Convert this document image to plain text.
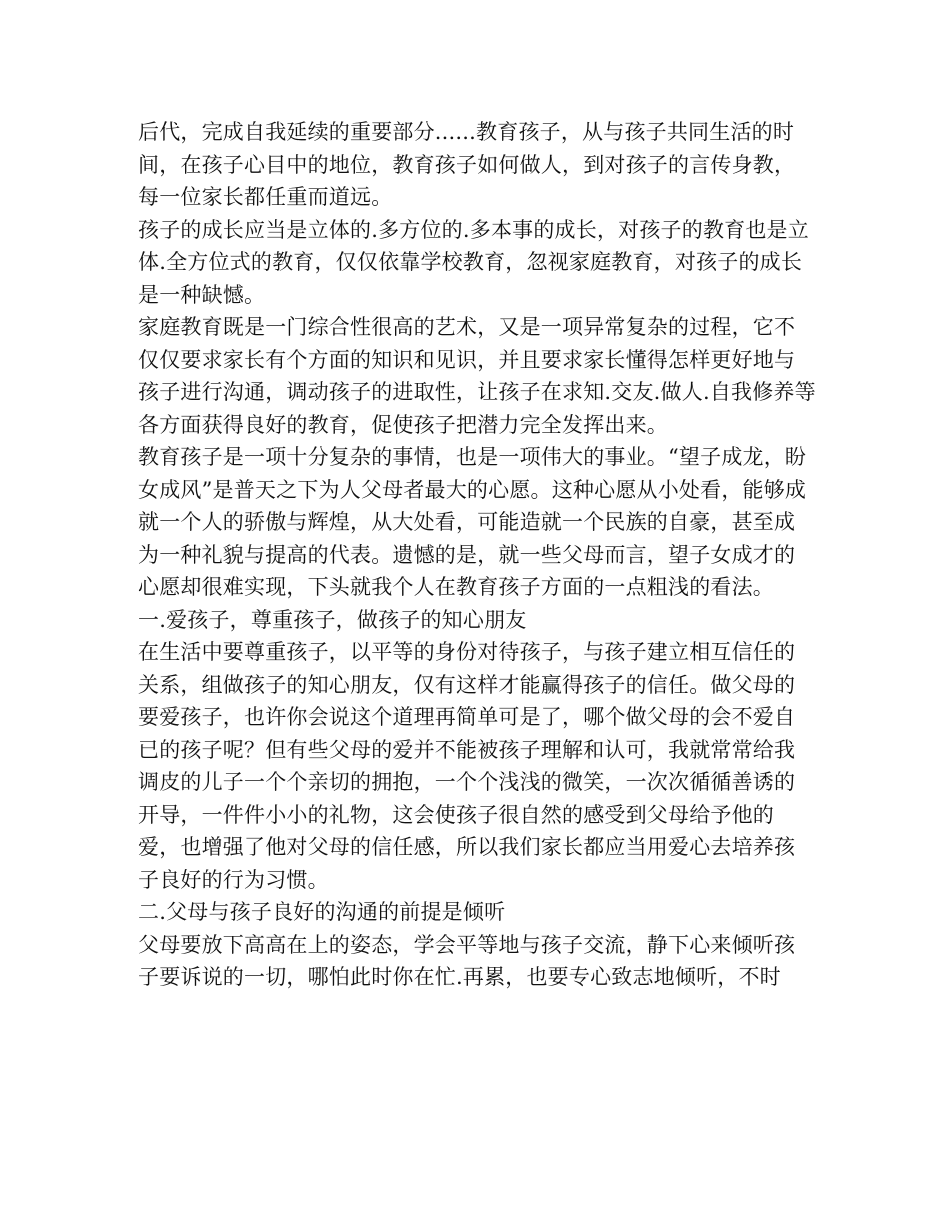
后代，完成自我延续的重要部分......教育孩子，从与孩子共同生活的时间，在孩子心目中的地位，教育孩子如何做人，到对孩子的言传身教，每一位家长都任重而道远。

孩子的成长应当是立体的.多方位的.多本事的成长，对孩子的教育也是立体.全方位式的教育，仅仅依靠学校教育，忽视家庭教育，对孩子的成长是一种缺憾。

家庭教育既是一门综合性很高的艺术，又是一项异常复杂的过程，它不仅仅要求家长有个方面的知识和见识，并且要求家长懂得怎样更好地与孩子进行沟通，调动孩子的进取性，让孩子在求知.交友.做人.自我修养等各方面获得良好的教育，促使孩子把潜力完全发挥出来。

教育孩子是一项十分复杂的事情，也是一项伟大的事业。“望子成龙，盼女成风”是普天之下为人父母者最大的心愿。这种心愿从小处看，能够成就一个人的骄傲与辉煌，从大处看，可能造就一个民族的自豪，甚至成为一种礼貌与提高的代表。遗憾的是，就一些父母而言，望子女成才的心愿却很难实现，下头就我个人在教育孩子方面的一点粗浅的看法。

一.爱孩子，尊重孩子，做孩子的知心朋友

在生活中要尊重孩子，以平等的身份对待孩子，与孩子建立相互信任的关系，组做孩子的知心朋友，仅有这样才能赢得孩子的信任。做父母的要爱孩子，也许你会说这个道理再简单可是了，哪个做父母的会不爱自已的孩子呢？但有些父母的爱并不能被孩子理解和认可，我就常常给我调皮的儿子一个个亲切的拥抱，一个个浅浅的微笑，一次次循循善诱的开导，一件件小小的礼物，这会使孩子很自然的感受到父母给予他的爱，也增强了他对父母的信任感，所以我们家长都应当用爱心去培养孩子良好的行为习惯。

二.父母与孩子良好的沟通的前提是倾听

父母要放下高高在上的姿态，学会平等地与孩子交流，静下心来倾听孩子要诉说的一切，哪怕此时你在忙.再累，也要专心致志地倾听，不时
